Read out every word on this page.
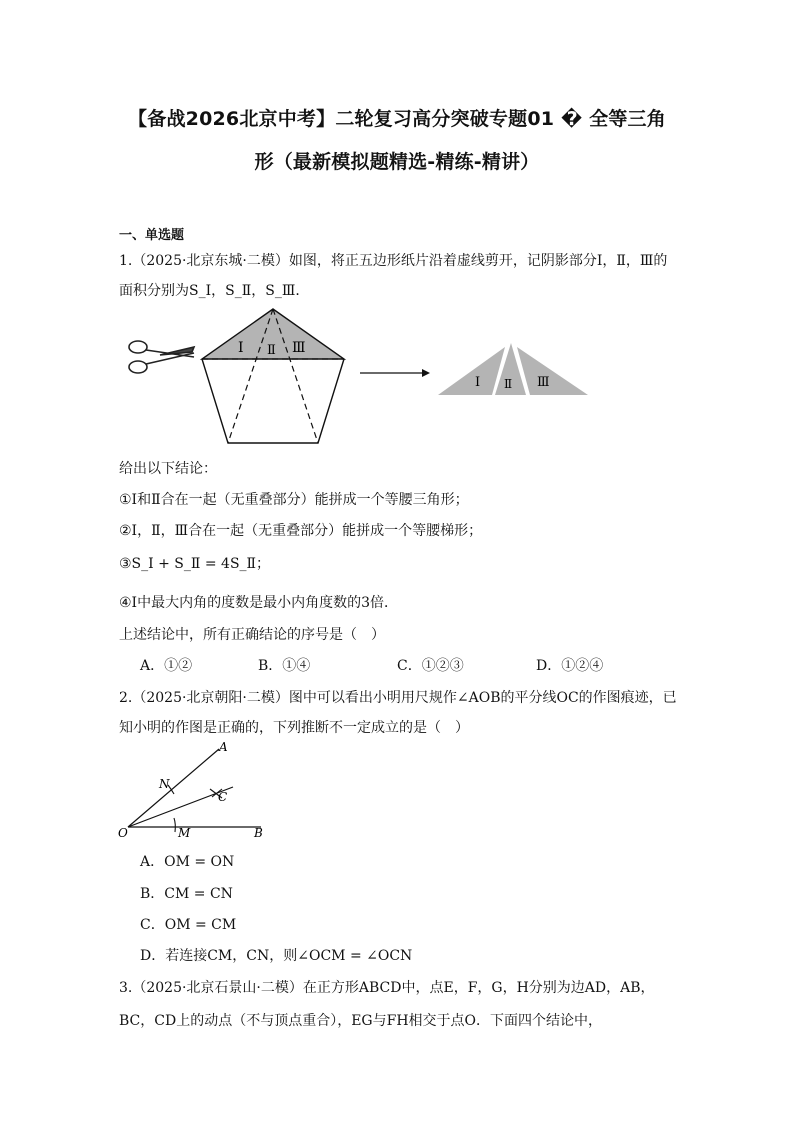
【备战2026北京中考】二轮复习高分突破专题01 � 全等三角
形（最新模拟题精选-精练-精讲）
一、单选题
1.（2025·北京东城·二模）如图，将正五边形纸片沿着虚线剪开，记阴影部分Ⅰ，Ⅱ，Ⅲ的
面积分别为S_Ⅰ，S_Ⅱ，S_Ⅲ．
Ⅰ Ⅱ Ⅲ
Ⅰ Ⅱ Ⅲ
给出以下结论：
①Ⅰ和Ⅱ合在一起（无重叠部分）能拼成一个等腰三角形；
②Ⅰ，Ⅱ，Ⅲ合在一起（无重叠部分）能拼成一个等腰梯形；
③S_Ⅰ + S_Ⅱ = 4S_Ⅱ；
④Ⅰ中最大内角的度数是最小内角度数的3倍．
上述结论中，所有正确结论的序号是（　）
A．①②	B．①④	C．①②③	D．①②④
2.（2025·北京朝阳·二模）图中可以看出小明用尺规作∠AOB的平分线OC的作图痕迹，已
知小明的作图是正确的，下列推断不一定成立的是（　）
A
N
C
O	M	B
A．OM = ON
B．CM = CN
C．OM = CM
D．若连接CM，CN，则∠OCM = ∠OCN
3.（2025·北京石景山·二模）在正方形ABCD中，点E，F，G，H分别为边AD，AB，
BC，CD上的动点（不与顶点重合），EG与FH相交于点O．下面四个结论中，
